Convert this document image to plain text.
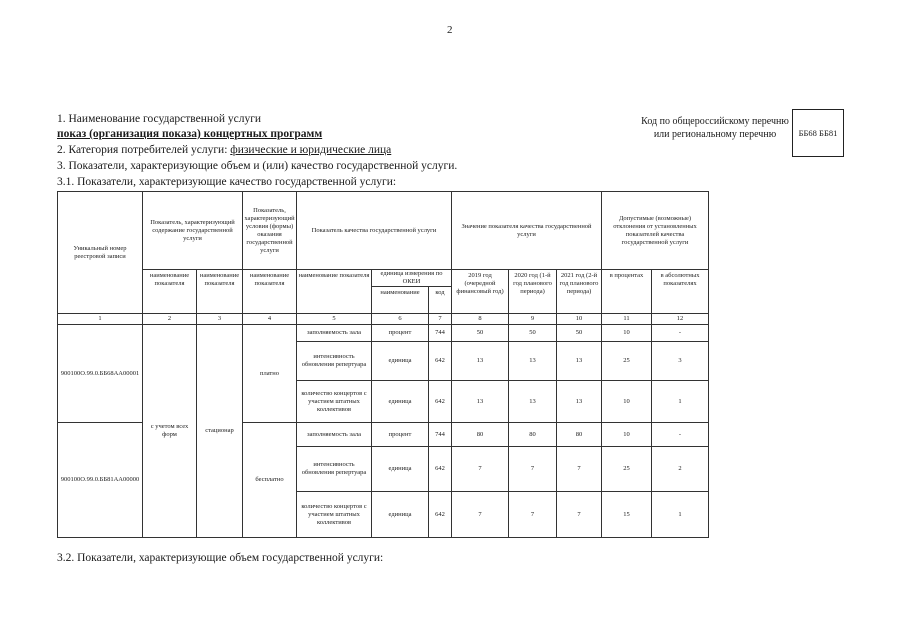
2
1. Наименование государственной услуги
показ (организация показа) концертных программ
2. Категория потребителей услуги: физические и юридические лица
3. Показатели, характеризующие объем и (или) качество государственной услуги.
3.1. Показатели, характеризующие качество государственной услуги:
Код по общероссийскому перечню или региональному перечню	ББ68 ББ81
Уникальный номер реестровой записи	Показатель, характеризующий содержание государственной услуги		Показатель, характеризующий условия (формы) оказания государственной услуги	Показатель качества государственной услуги			Значение показателя качества государственной услуги			Допустимые (возможные) отклонения от установленных показателей качества государственной услуги	
	наименование показателя	наименование показателя	наименование показателя	наименование показателя	единица измерения по ОКЕИ		2019 год (очередной финансовый год)	2020 год (1-й год планового периода)	2021 год (2-й год планового периода)	в процентах	в абсолютных показателях
					наименование	код					
1	2	3	4	5	6	7	8	9	10	11	12
900100О.99.0.ББ68АА00001	с учетом всех форм	стационар	платно	заполняемость зала	процент	744	50	50	50	10	-
				интенсивность обновления репертуара	единица	642	13	13	13	25	3
				количество концертов с участием штатных коллективов	единица	642	13	13	13	10	1
900100О.99.0.ББ81АА00000			бесплатно	заполняемость зала	процент	744	80	80	80	10	-
				интенсивность обновления репертуара	единица	642	7	7	7	25	2
				количество концертов с участием штатных коллективов	единица	642	7	7	7	15	1
3.2. Показатели, характеризующие объем государственной услуги:
